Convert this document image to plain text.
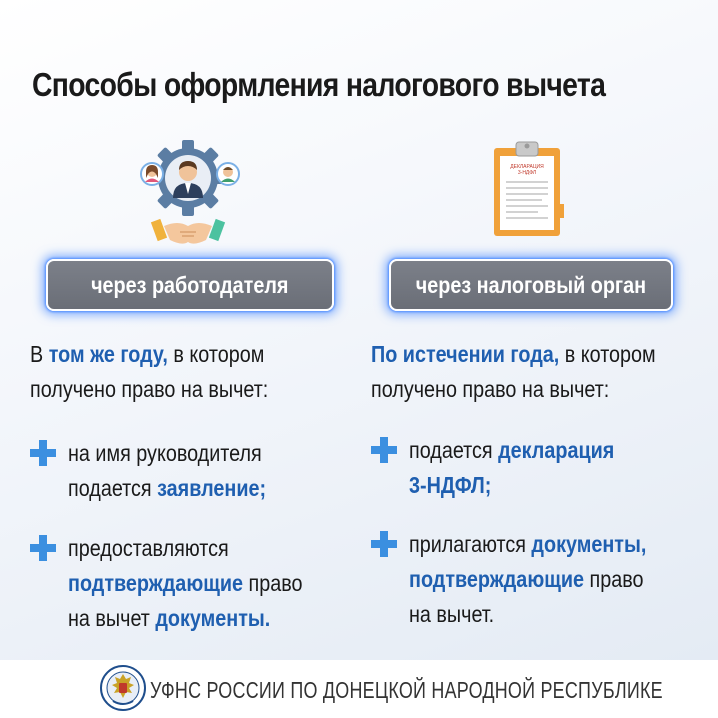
Способы оформления налогового вычета
ДЕКЛАРАЦИЯ
3-НДФЛ
через работодателя	через налоговый орган
В том же году, в котором
получено право на вычет:
По истечении года, в котором
получено право на вычет:
на имя руководителя
подается заявление;
предоставляются
подтверждающие право
на вычет документы.
подается декларация
3-НДФЛ;
прилагаются документы,
подтверждающие право
на вычет.
УФНС РОССИИ ПО ДОНЕЦКОЙ НАРОДНОЙ РЕСПУБЛИКЕ
